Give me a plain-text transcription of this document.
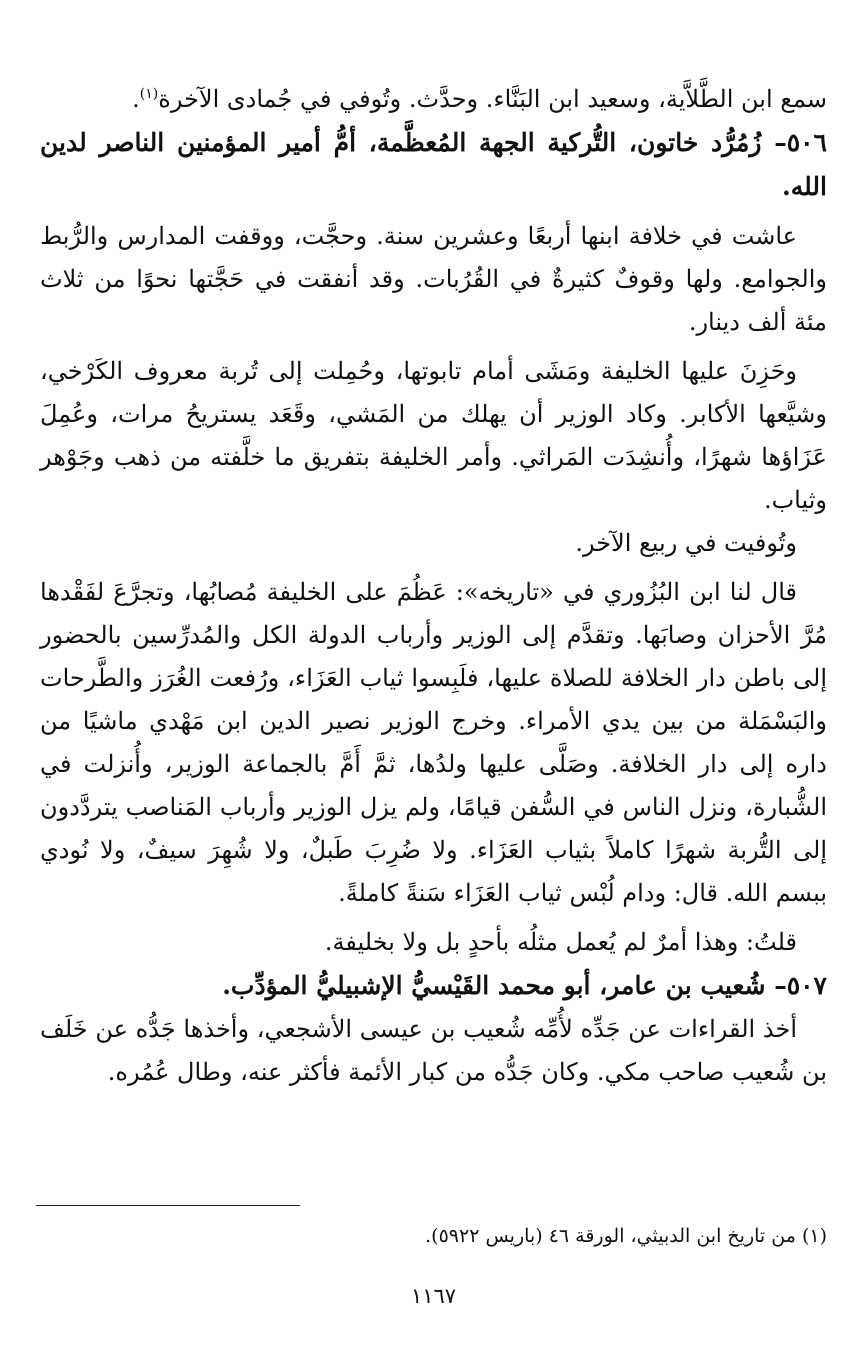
سمع ابن الطَّلاَّية، وسعيد ابن البَنَّاء. وحدَّث. وتُوفي في جُمادى الآخرة$^{(١)}$.

٥٠٦– زُمُرُّد خاتون، التُّركية الجهة المُعظَّمة، أمُّ أمير المؤمنين الناصر لدين الله.

عاشت في خلافة ابنها أربعًا وعشرين سنة. وحجَّت، ووقفت المدارس والرُّبط والجوامع. ولها وقوفٌ كثيرةٌ في القُرُبات. وقد أنفقت في حَجَّتها نحوًا من ثلاث مئة ألف دينار.

وحَزِنَ عليها الخليفة ومَشَى أمام تابوتها، وحُمِلت إلى تُربة معروف الكَرْخي، وشيَّعها الأكابر. وكاد الوزير أن يهلك من المَشي، وقَعَد يستريحُ مرات، وعُمِلَ عَزَاؤها شهرًا، وأُنشِدَت المَراثي. وأمر الخليفة بتفريق ما خلَّفته من ذهب وجَوْهر وثياب.

وتُوفيت في ربيع الآخر.

قال لنا ابن البُزُوري في «تاريخه»: عَظُمَ على الخليفة مُصابُها، وتجرَّعَ لفَقْدها مُرَّ الأحزان وصابَها. وتقدَّم إلى الوزير وأرباب الدولة الكل والمُدرِّسين بالحضور إلى باطن دار الخلافة للصلاة عليها، فلَبِسوا ثياب العَزَاء، ورُفعت الغُرَز والطَّرحات والبَسْمَلة من بين يدي الأمراء. وخرج الوزير نصير الدين ابن مَهْدي ماشيًا من داره إلى دار الخلافة. وصَلَّى عليها ولدُها، ثمَّ أَمَّ بالجماعة الوزير، وأُنزلت في الشُّبارة، ونزل الناس في السُّفن قيامًا، ولم يزل الوزير وأرباب المَناصب يتردَّدون إلى التُّربة شهرًا كاملاً بثياب العَزَاء. ولا ضُرِبَ طَبلٌ، ولا شُهِرَ سيفٌ، ولا نُودي ببسم الله. قال: ودام لُبْس ثياب العَزَاء سَنةً كاملةً.

قلتُ: وهذا أمرٌ لم يُعمل مثلُه بأحدٍ بل ولا بخليفة.

٥٠٧– شُعيب بن عامر، أبو محمد القَيْسيُّ الإشبيليُّ المؤدِّب.

أخذ القراءات عن جَدِّه لأُمِّه شُعيب بن عيسى الأشجعي، وأخذها جَدُّه عن خَلَف بن شُعيب صاحب مكي. وكان جَدُّه من كبار الأئمة فأكثر عنه، وطال عُمُره.

(١) من تاريخ ابن الدبيثي، الورقة ٤٦ (باريس ٥٩٢٢).
١١٦٧
